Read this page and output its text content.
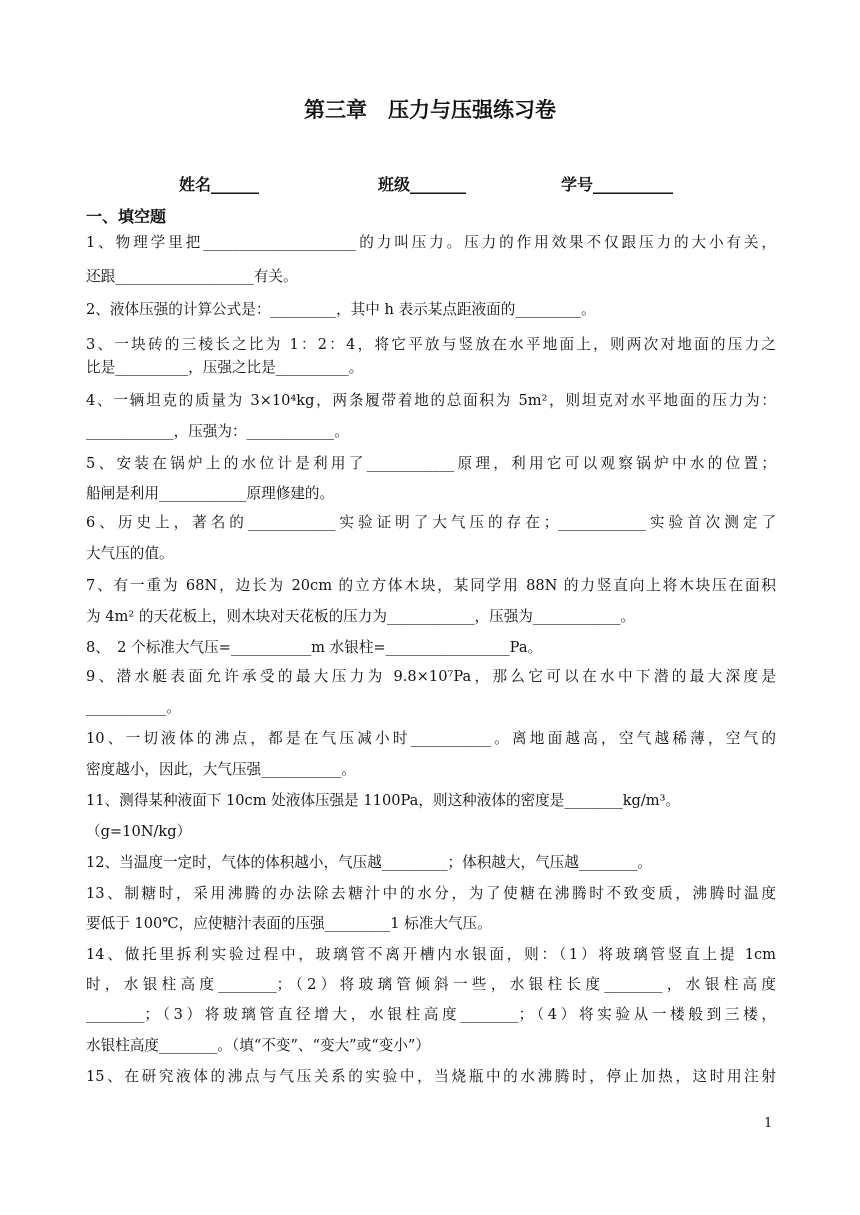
第三章　压力与压强练习卷
姓名______	班级_______	学号__________
一、填空题
1、物理学里把_____________________的力叫压力。压力的作用效果不仅跟压力的大小有关，
还跟___________________有关。
2、液体压强的计算公式是：_________，其中 h 表示某点距液面的_________。
3、一块砖的三棱长之比为 1：2：4，将它平放与竖放在水平地面上，则两次对地面的压力之
比是__________，压强之比是__________。
4、一辆坦克的质量为 3×10⁴kg，两条履带着地的总面积为 5m²，则坦克对水平地面的压力为：
____________，压强为：____________。
5、安装在锅炉上的水位计是利用了____________原理，利用它可以观察锅炉中水的位置；
船闸是利用____________原理修建的。
6、历史上，著名的____________实验证明了大气压的存在；____________实验首次测定了
大气压的值。
7、有一重为 68N，边长为 20cm 的立方体木块，某同学用 88N 的力竖直向上将木块压在面积
为 4m² 的天花板上，则木块对天花板的压力为____________，压强为____________。
8、　2 个标准大气压=___________m 水银柱=_________________Pa。
9、潜水艇表面允许承受的最大压力为 9.8×10⁷Pa，那么它可以在水中下潜的最大深度是
___________。
10、一切液体的沸点，都是在气压减小时___________。离地面越高，空气越稀薄，空气的
密度越小，因此，大气压强___________。
11、测得某种液面下 10cm 处液体压强是 1100Pa，则这种液体的密度是________kg/m³。
（g=10N/kg）
12、当温度一定时，气体的体积越小，气压越_________；体积越大，气压越________。
13、制糖时，采用沸腾的办法除去糖汁中的水分，为了使糖在沸腾时不致变质，沸腾时温度
要低于 100℃，应使糖汁表面的压强_________1 标准大气压。
14、做托里拆利实验过程中，玻璃管不离开槽内水银面，则：（1）将玻璃管竖直上提 1cm
时，水银柱高度________；（2）将玻璃管倾斜一些，水银柱长度________，水银柱高度
________；（3）将玻璃管直径增大，水银柱高度________；（4）将实验从一楼般到三楼，
水银柱高度________。（填“不变”、“变大”或“变小”）
15、在研究液体的沸点与气压关系的实验中，当烧瓶中的水沸腾时，停止加热，这时用注射
1
